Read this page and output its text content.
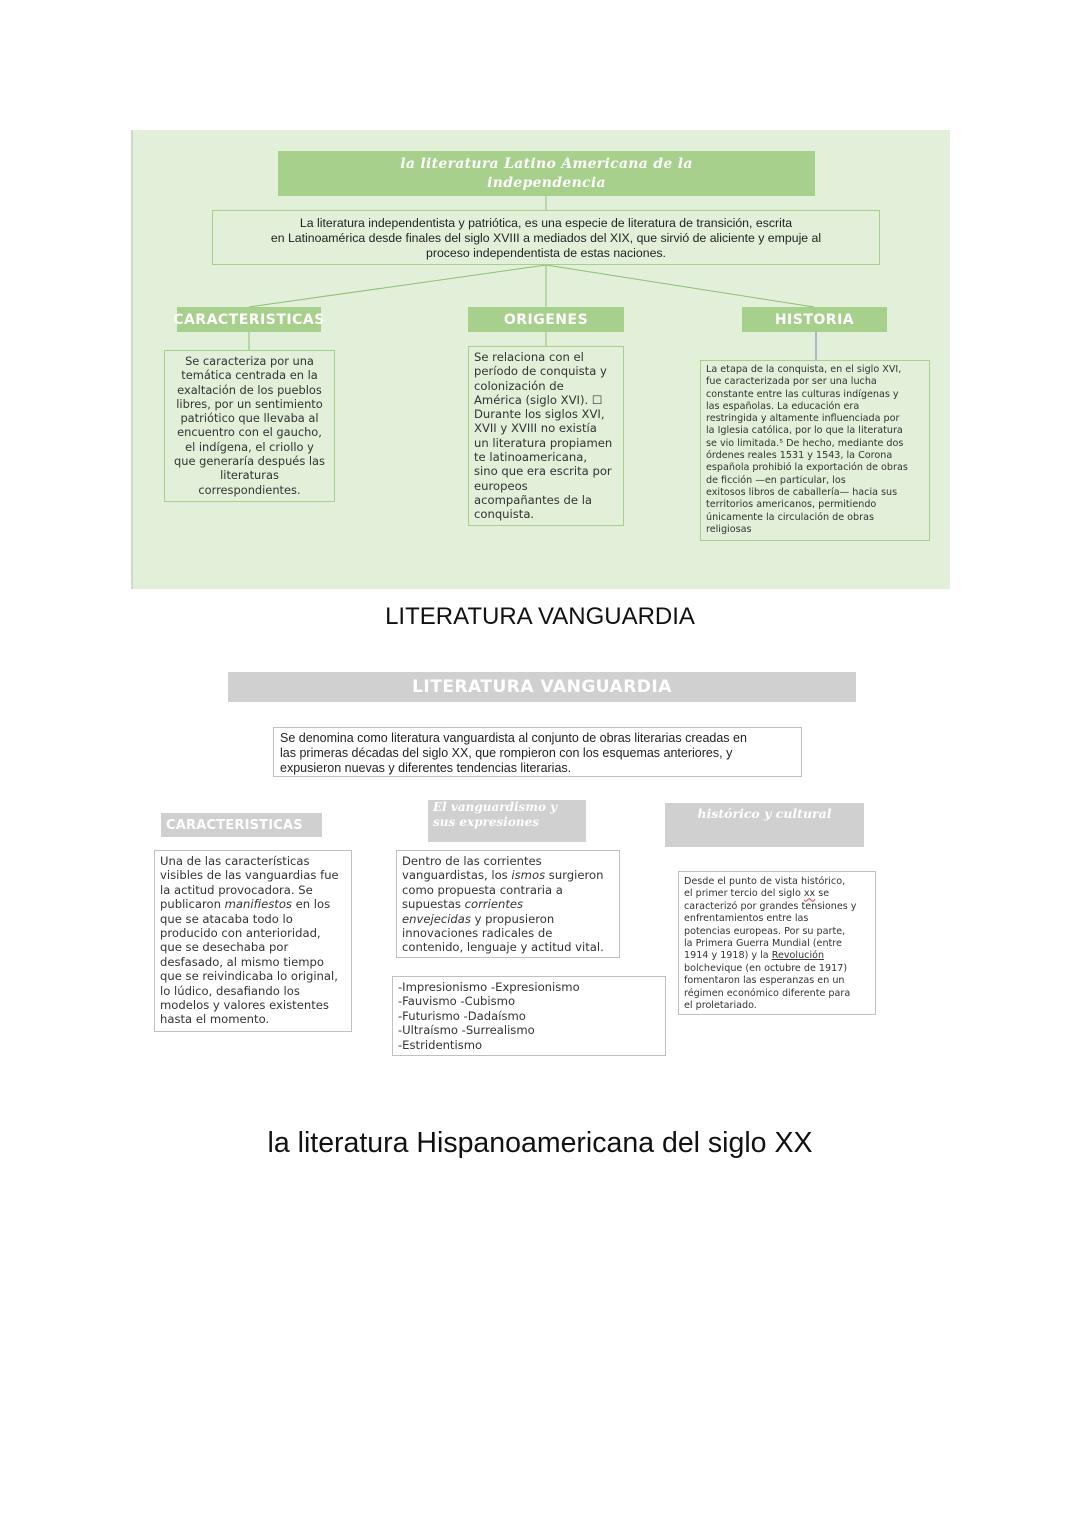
la literatura Latino Americana de la
independencia
La literatura independentista y patriótica, es una especie de literatura de transición, escrita
en Latinoamérica desde finales del siglo XVIII a mediados del XIX, que sirvió de aliciente y empuje al
proceso independentista de estas naciones.
CARACTERISTICAS	ORIGENES	HISTORIA
Se caracteriza por una
temática centrada en la
exaltación de los pueblos
libres, por un sentimiento
patriótico que llevaba al
encuentro con el gaucho,
el indígena, el criollo y
que generaría después las
literaturas
correspondientes.
Se relaciona con el
período de conquista y
colonización de
América (siglo XVI). ☐
Durante los siglos XVI,
XVII y XVIII no existía
un literatura propiamen
te latinoamericana,
sino que era escrita por
europeos
acompañantes de la
conquista.
La etapa de la conquista, en el siglo XVI,
fue caracterizada por ser una lucha
constante entre las culturas indígenas y
las españolas. La educación era
restringida y altamente influenciada por
la Iglesia católica, por lo que la literatura
se vio limitada.⁵ De hecho, mediante dos
órdenes reales 1531 y 1543, la Corona
española prohibió la exportación de obras
de ficción —en particular, los
exitosos libros de caballería— hacia sus
territorios americanos, permitiendo
únicamente la circulación de obras
religiosas
LITERATURA VANGUARDIA
LITERATURA VANGUARDIA
Se denomina como literatura vanguardista al conjunto de obras literarias creadas en
las primeras décadas del siglo XX, que rompieron con los esquemas anteriores, y
expusieron nuevas y diferentes tendencias literarias.
CARACTERISTICAS
El vanguardismo y
sus expresiones
histórico y cultural
Una de las características
visibles de las vanguardias fue
la actitud provocadora. Se
publicaron manifiestos en los
que se atacaba todo lo
producido con anterioridad,
que se desechaba por
desfasado, al mismo tiempo
que se reivindicaba lo original,
lo lúdico, desafiando los
modelos y valores existentes
hasta el momento.
Dentro de las corrientes
vanguardistas, los ismos surgieron
como propuesta contraria a
supuestas corrientes
envejecidas y propusieron
innovaciones radicales de
contenido, lenguaje y actitud vital.
-Impresionismo -Expresionismo
-Fauvismo -Cubismo
-Futurismo -Dadaísmo
-Ultraísmo -Surrealismo
-Estridentismo
Desde el punto de vista histórico,
el primer tercio del siglo xx se
caracterizó por grandes tensiones y
enfrentamientos entre las
potencias europeas. Por su parte,
la Primera Guerra Mundial (entre
1914 y 1918) y la Revolución
bolchevique (en octubre de 1917)
fomentaron las esperanzas en un
régimen económico diferente para
el proletariado.
la literatura Hispanoamericana del siglo XX
